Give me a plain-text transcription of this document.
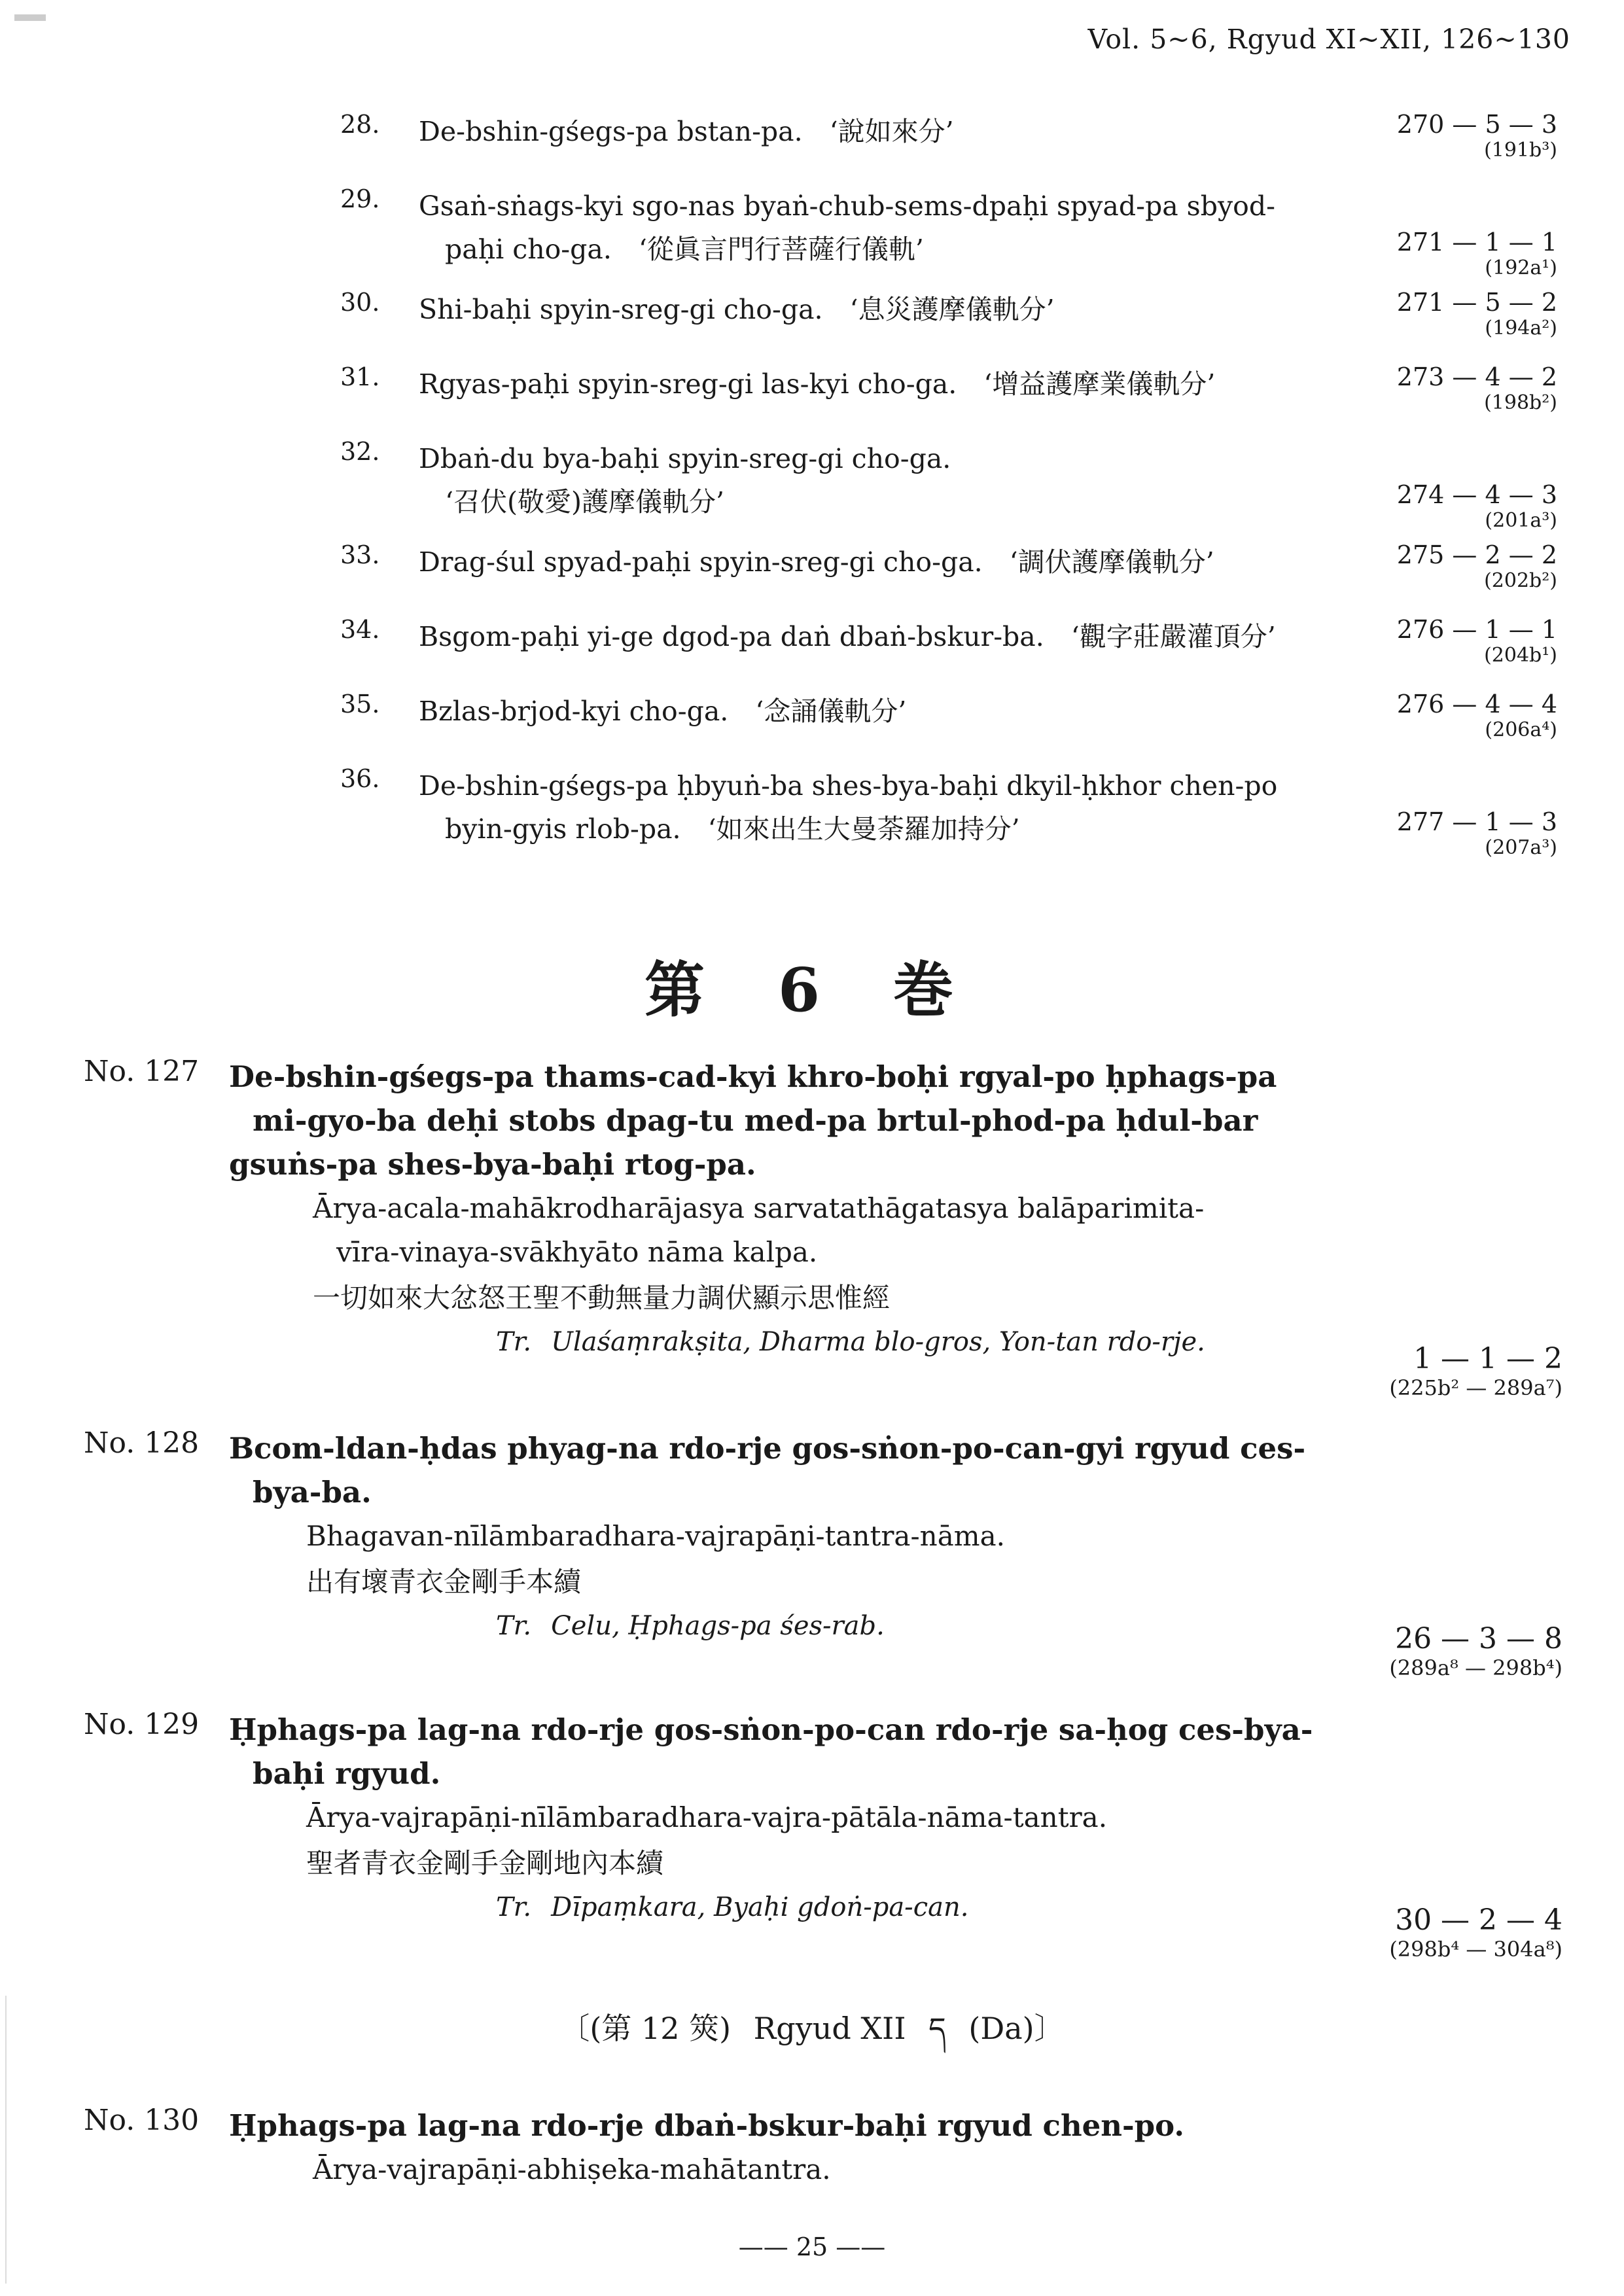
Vol. 5~6, Rgyud XI~XII, 126~130
28. De-bshin-gśegs-pa bstan-pa.　‘說如來分’	270 — 5 — 3
(191b³)
29. Gsaṅ-sṅags-kyi sgo-nas byaṅ-chub-sems-dpaḥi spyad-pa sbyod-
paḥi cho-ga.　‘從眞言門行菩薩行儀軌’	271 — 1 — 1
(192a¹)
30. Shi-baḥi spyin-sreg-gi cho-ga.　‘息災護摩儀軌分’	271 — 5 — 2
(194a²)
31. Rgyas-paḥi spyin-sreg-gi las-kyi cho-ga.　‘增益護摩業儀軌分’	273 — 4 — 2
(198b²)
32. Dbaṅ-du bya-baḥi spyin-sreg-gi cho-ga.
‘召伏(敬愛)護摩儀軌分’	274 — 4 — 3
(201a³)
33. Drag-śul spyad-paḥi spyin-sreg-gi cho-ga.　‘調伏護摩儀軌分’	275 — 2 — 2
(202b²)
34. Bsgom-paḥi yi-ge dgod-pa daṅ dbaṅ-bskur-ba.　‘觀字莊嚴灌頂分’	276 — 1 — 1
(204b¹)
35. Bzlas-brjod-kyi cho-ga.　‘念誦儀軌分’	276 — 4 — 4
(206a⁴)
36. De-bshin-gśegs-pa ḥbyuṅ-ba shes-bya-baḥi dkyil-ḥkhor chen-po
byin-gyis rlob-pa.　‘如來出生大曼荼羅加持分’	277 — 1 — 3
(207a³)
第 6 巻
No. 127 De-bshin-gśegs-pa thams-cad-kyi khro-boḥi rgyal-po ḥphags-pa
mi-gyo-ba deḥi stobs dpag-tu med-pa brtul-phod-pa ḥdul-bar
gsuṅs-pa shes-bya-baḥi rtog-pa.
Ārya-acala-mahākrodharājasya sarvatathāgatasya balāparimita-
vīra-vinaya-svākhyāto nāma kalpa.
一切如來大忿怒王聖不動無量力調伏顯示思惟經
Tr. Ulaśaṃrakṣita, Dharma blo-gros, Yon-tan rdo-rje.	1 — 1 — 2
(225b² — 289a⁷)
No. 128 Bcom-ldan-ḥdas phyag-na rdo-rje gos-sṅon-po-can-gyi rgyud ces-
bya-ba.
Bhagavan-nīlāmbaradhara-vajrapāṇi-tantra-nāma.
出有壞青衣金剛手本續
Tr. Celu, Ḥphags-pa śes-rab.	26 — 3 — 8
(289a⁸ — 298b⁴)
No. 129 Ḥphags-pa lag-na rdo-rje gos-sṅon-po-can rdo-rje sa-ḥog ces-bya-
baḥi rgyud.
Ārya-vajrapāṇi-nīlāmbaradhara-vajra-pātāla-nāma-tantra.
聖者青衣金剛手金剛地內本續
Tr. Dīpaṃkara, Byaḥi gdoṅ-pa-can.	30 — 2 — 4
(298b⁴ — 304a⁸)
〔(第 12 筴) Rgyud XII ད (Da)〕
No. 130 Ḥphags-pa lag-na rdo-rje dbaṅ-bskur-baḥi rgyud chen-po.
Ārya-vajrapāṇi-abhiṣeka-mahātantra.
—— 25 ——
